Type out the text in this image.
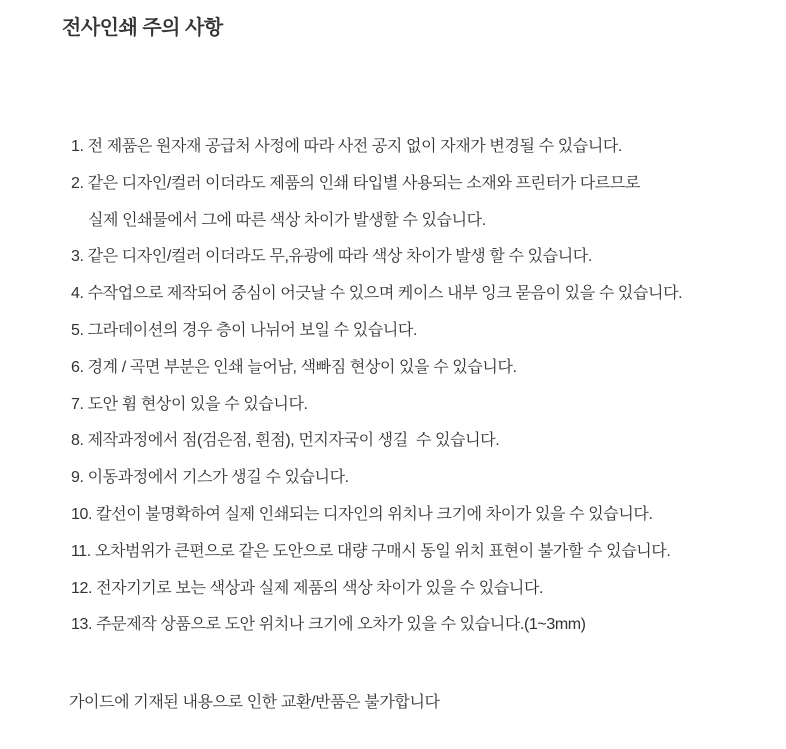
전사인쇄 주의 사항
1. 전 제품은 원자재 공급처 사정에 따라 사전 공지 없이 자재가 변경될 수 있습니다.
2. 같은 디자인/컬러 이더라도 제품의 인쇄 타입별 사용되는 소재와 프린터가 다르므로
실제 인쇄물에서 그에 따른 색상 차이가 발생할 수 있습니다.
3. 같은 디자인/컬러 이더라도 무,유광에 따라 색상 차이가 발생 할 수 있습니다.
4. 수작업으로 제작되어 중심이 어긋날 수 있으며 케이스 내부 잉크 묻음이 있을 수 있습니다.
5. 그라데이션의 경우 층이 나뉘어 보일 수 있습니다.
6. 경계 / 곡면 부분은 인쇄 늘어남, 색빠짐 현상이 있을 수 있습니다.
7. 도안 휨 현상이 있을 수 있습니다.
8. 제작과정에서 점(검은점, 흰점), 먼지자국이 생길  수 있습니다.
9. 이동과정에서 기스가 생길 수 있습니다.
10. 칼선이 불명확하여 실제 인쇄되는 디자인의 위치나 크기에 차이가 있을 수 있습니다.
11. 오차범위가 큰편으로 같은 도안으로 대량 구매시 동일 위치 표현이 불가할 수 있습니다.
12. 전자기기로 보는 색상과 실제 제품의 색상 차이가 있을 수 있습니다.
13. 주문제작 상품으로 도안 위치나 크기에 오차가 있을 수 있습니다.(1~3mm)

가이드에 기재된 내용으로 인한 교환/반품은 불가합니다
